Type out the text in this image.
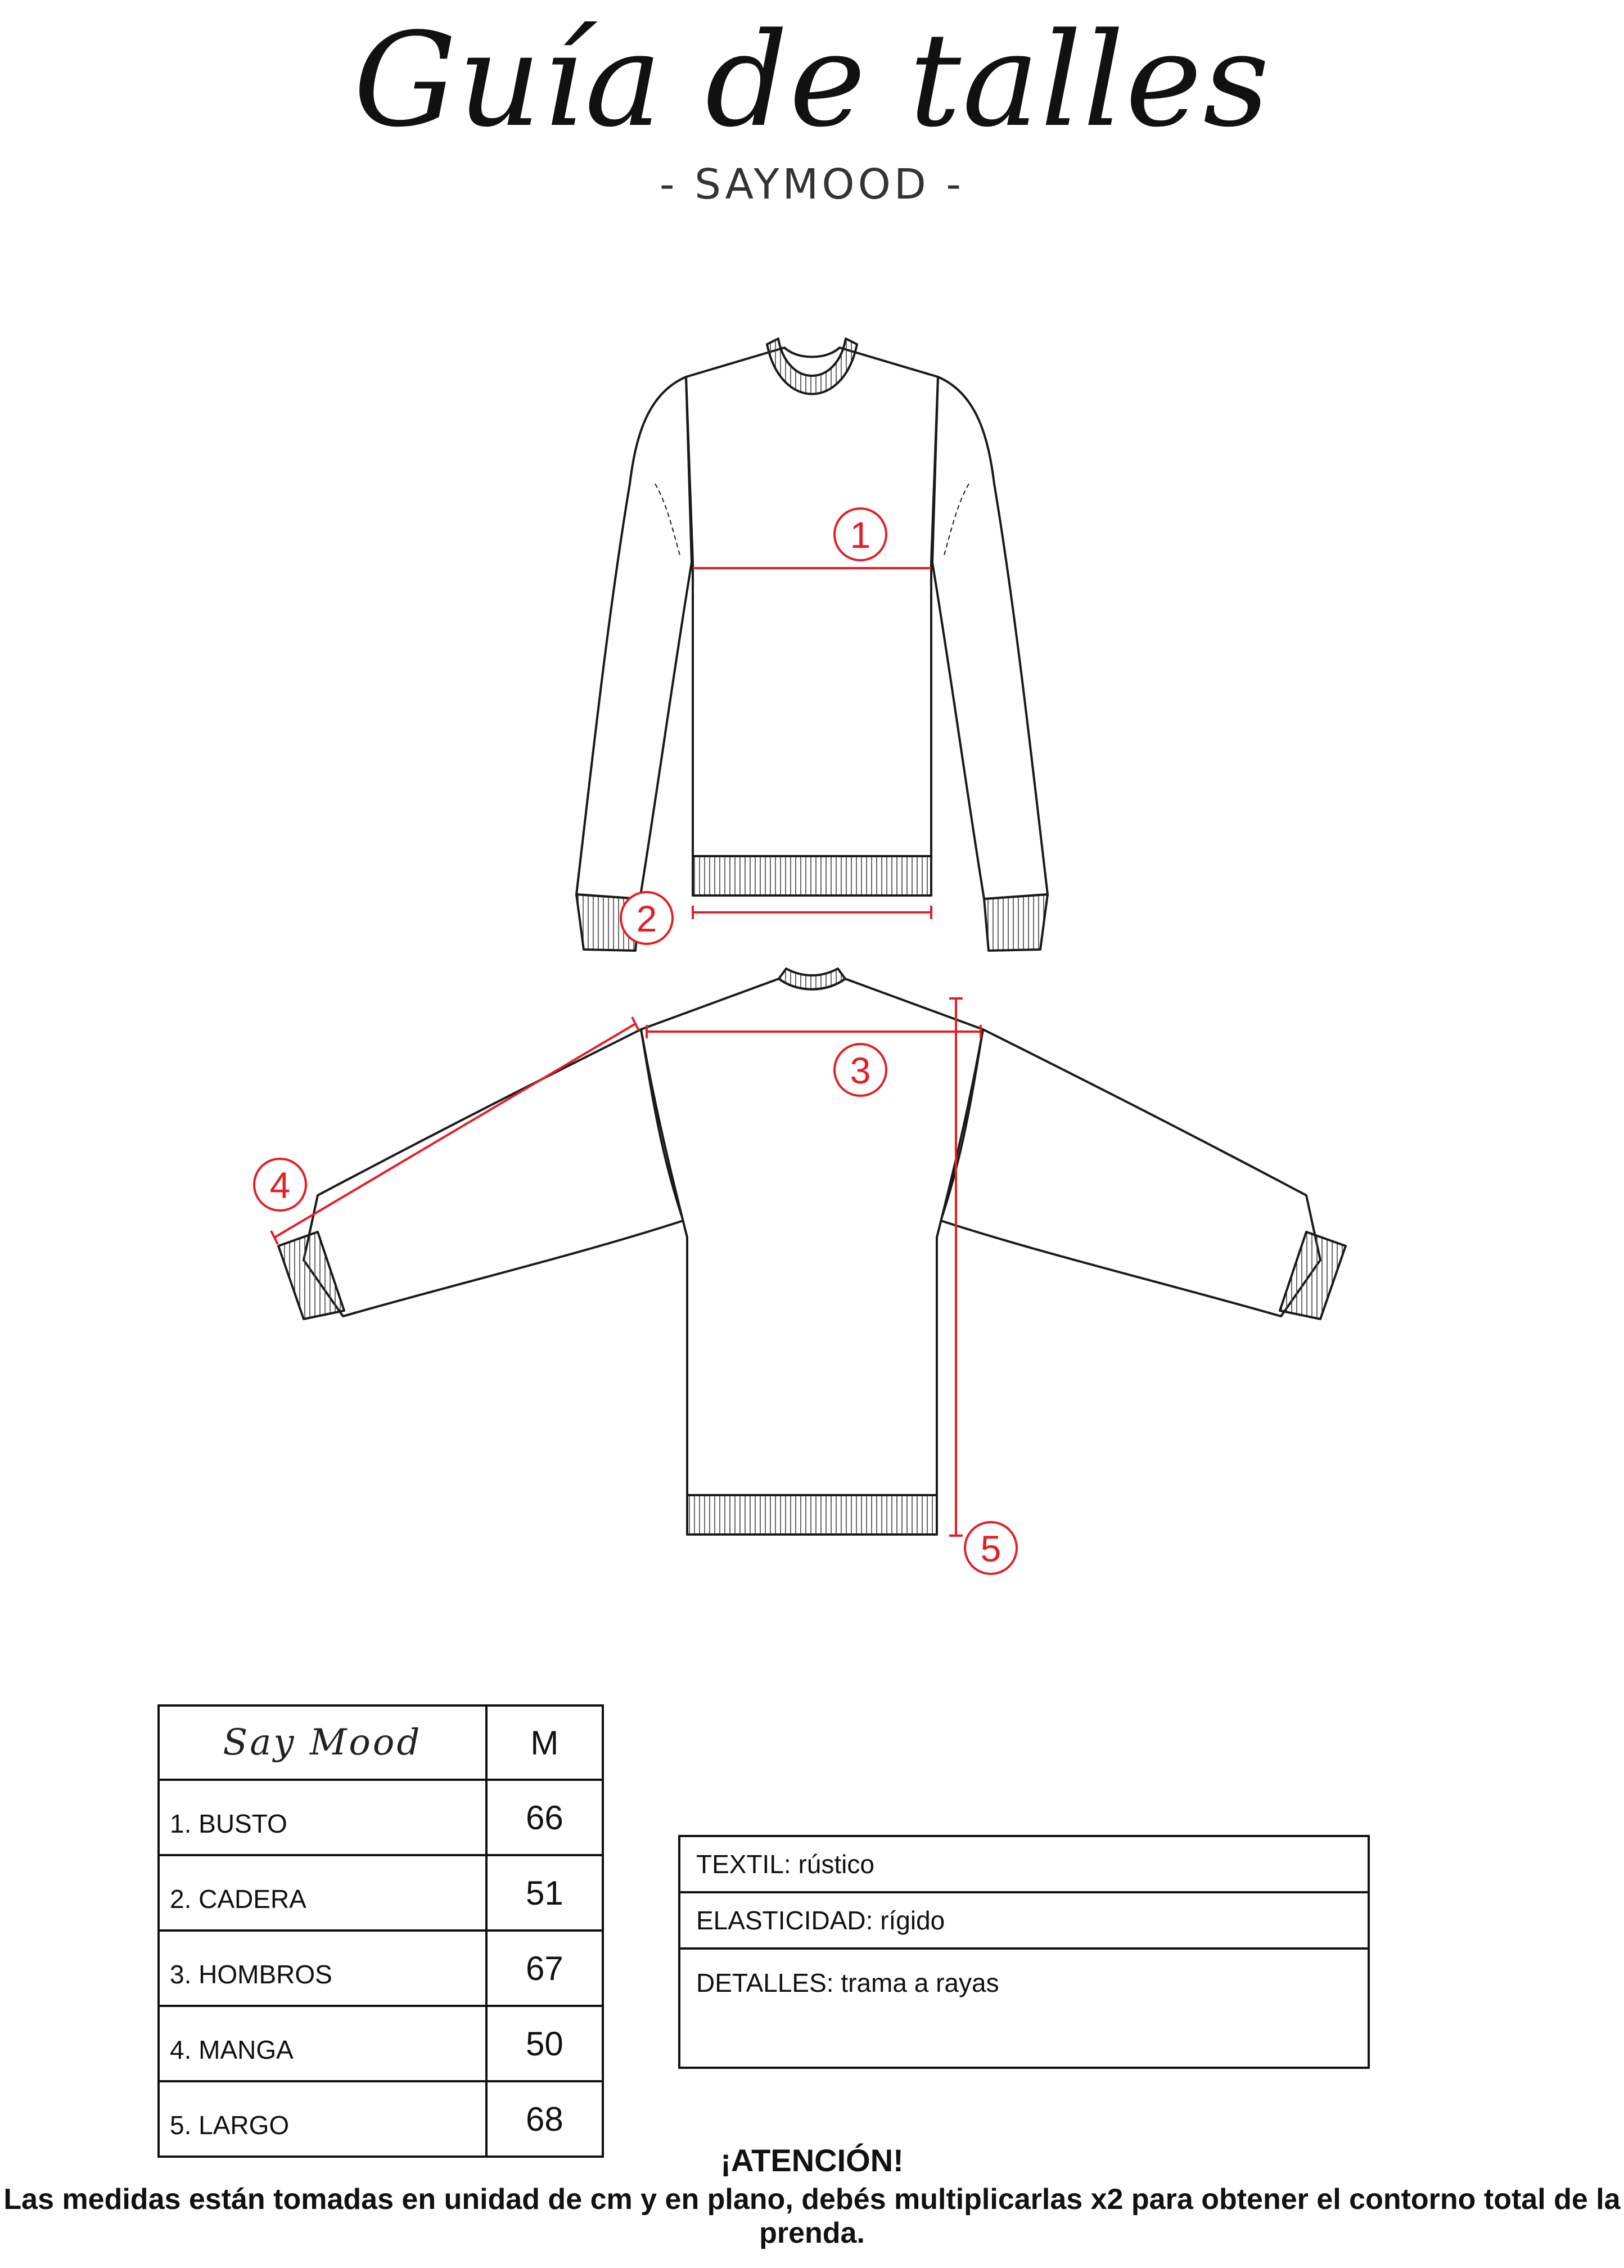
Guía de talles
- SAYMOOD -
1
2
3
4
5
Say Mood	M
1. BUSTO	66
2. CADERA	51
3. HOMBROS	67
4. MANGA	50
5. LARGO	68
TEXTIL: rústico
ELASTICIDAD: rígido
DETALLES: trama a rayas
¡ATENCIÓN!
Las medidas están tomadas en unidad de cm y en plano, debés multiplicarlas x2 para obtener el contorno total de la prenda.
